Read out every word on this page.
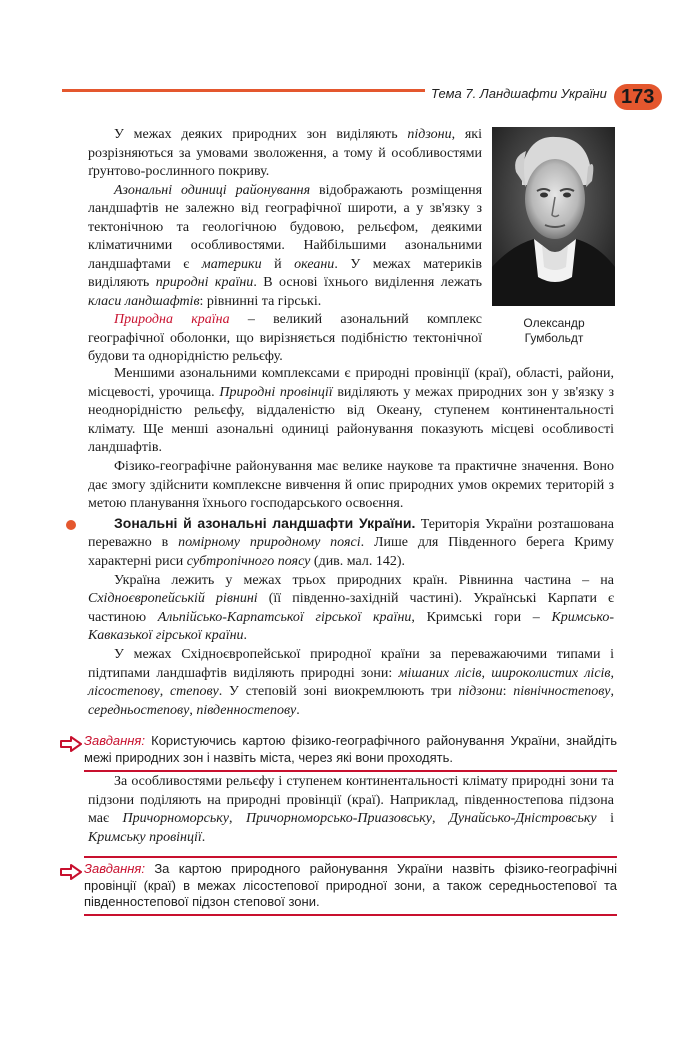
Тема 7. Ландшафти України 173
Олександр
Гумбольдт

У межах деяких природних зон виділяють підзони, які розрізняються за умовами зволоження, а тому й особливостями ґрунтово-рослинного покриву.

Азональні одиниці районування відображають розміщення ландшафтів не залежно від географічної широти, а у зв'язку з тектонічною та геологічною будовою, рельєфом, деякими кліматичними особливостями. Найбільшими азональними ландшафтами є материки й океани. У межах материків виділяють природні країни. В основі їхнього виділення лежать класи ландшафтів: рівнинні та гірські.

Природна країна – великий азональний комплекс географічної оболонки, що вирізняється подібністю тектонічної будови та однорідністю рельєфу.

Меншими азональними комплексами є природні провінції (краї), області, райони, місцевості, урочища. Природні провінції виділяють у межах природних зон у зв'язку з неоднорідністю рельєфу, віддаленістю від Океану, ступенем континентальності клімату. Ще менші азональні одиниці районування показують місцеві особливості ландшафтів.

Фізико-географічне районування має велике наукове та практичне значення. Воно дає змогу здійснити комплексне вивчення й опис природних умов окремих територій з метою планування їхнього господарського освоєння.

Зональні й азональні ландшафти України. Територія України розташована переважно в помірному природному поясі. Лише для Південного берега Криму характерні риси субтропічного поясу (див. мал. 142).

Україна лежить у межах трьох природних країн. Рівнинна частина – на Східноєвропейській рівнині (її південно-західній частині). Українські Карпати є частиною Альпійсько-Карпатської гірської країни, Кримські гори – Кримсько-Кавказької гірської країни.

У межах Східноєвропейської природної країни за переважаючими типами і підтипами ландшафтів виділяють природні зони: мішаних лісів, широколистих лісів, лісостепову, степову. У степовій зоні виокремлюють три підзони: північностепову, середньостепову, південностепову.

Завдання: Користуючись картою фізико-географічного районування України, знайдіть межі природних зон і назвіть міста, через які вони проходять.

За особливостями рельєфу і ступенем континентальності клімату природні зони та підзони поділяють на природні провінції (краї). Наприклад, південностепова підзона має Причорноморську, Причорноморсько-Приазовську, Дунайсько-Дністровську і Кримську провінції.

Завдання: За картою природного районування України назвіть фізико-географічні провінції (краї) в межах лісостепової природної зони, а також середньостепової та південностепової підзон степової зони.
